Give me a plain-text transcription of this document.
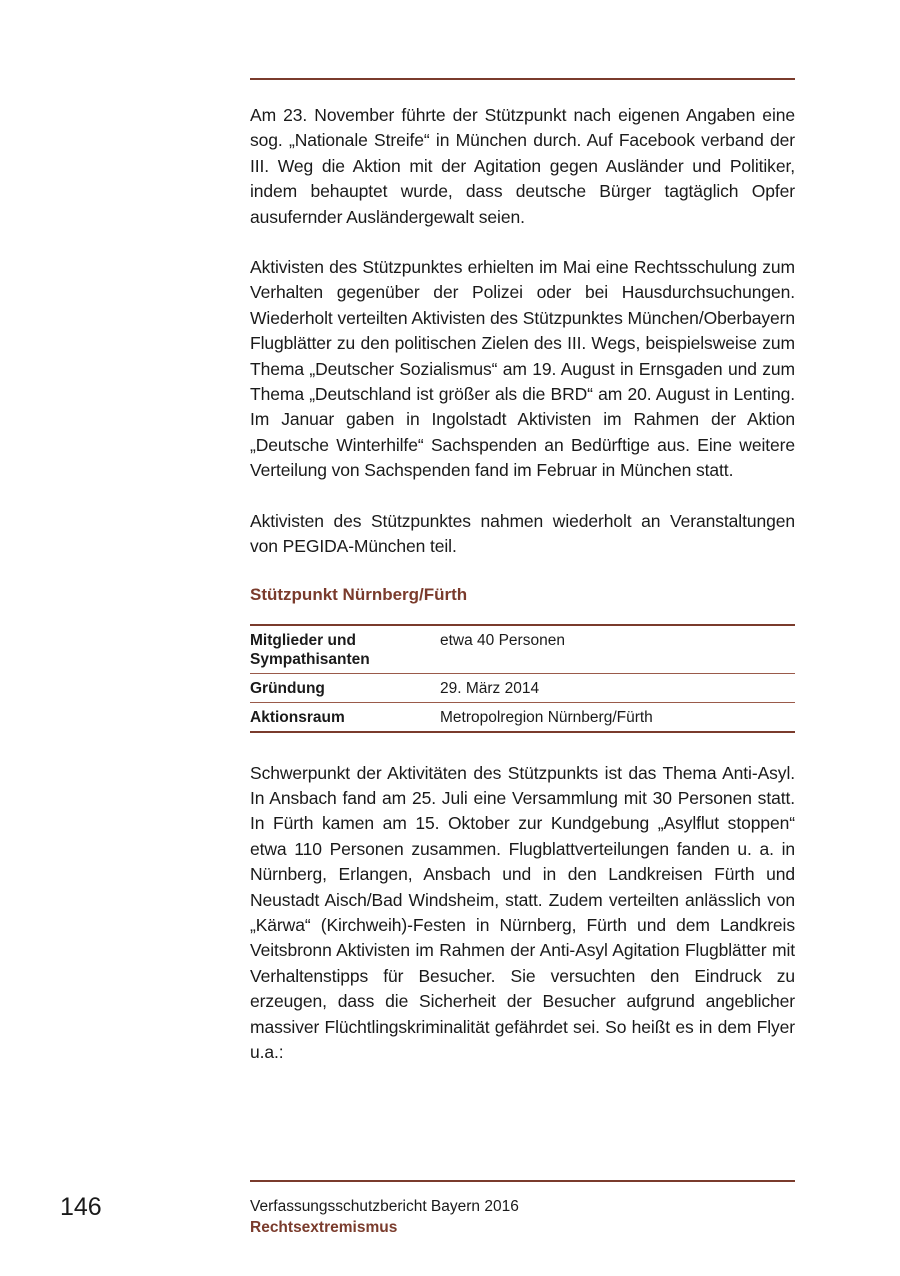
Am 23. November führte der Stützpunkt nach eigenen Angaben eine sog. „Nationale Streife“ in München durch. Auf Facebook verband der III. Weg die Aktion mit der Agitation gegen Ausländer und Politiker, indem behauptet wurde, dass deutsche Bürger tagtäglich Opfer ausufernder Ausländergewalt seien.

Aktivisten des Stützpunktes erhielten im Mai eine Rechtsschulung zum Verhalten gegenüber der Polizei oder bei Hausdurchsuchungen. Wiederholt verteilten Aktivisten des Stützpunktes München/Oberbayern Flugblätter zu den politischen Zielen des III. Wegs, beispielsweise zum Thema „Deutscher Sozialismus“ am 19. August in Ernsgaden und zum Thema „Deutschland ist größer als die BRD“ am 20. August in Lenting. Im Januar gaben in Ingolstadt Aktivisten im Rahmen der Aktion „Deutsche Winterhilfe“ Sachspenden an Bedürftige aus. Eine weitere Verteilung von Sachspenden fand im Februar in München statt.

Aktivisten des Stützpunktes nahmen wiederholt an Veranstaltungen von PEGIDA-München teil.

Stützpunkt Nürnberg/Fürth
Mitglieder und Sympathisanten	etwa 40 Personen
Gründung	29. März 2014
Aktionsraum	Metropolregion Nürnberg/Fürth

Schwerpunkt der Aktivitäten des Stützpunkts ist das Thema Anti-Asyl. In Ansbach fand am 25. Juli eine Versammlung mit 30 Personen statt. In Fürth kamen am 15. Oktober zur Kundgebung „Asylflut stoppen“ etwa 110 Personen zusammen. Flugblattverteilungen fanden u. a. in Nürnberg, Erlangen, Ansbach und in den Landkreisen Fürth und Neustadt Aisch/Bad Windsheim, statt. Zudem verteilten anlässlich von „Kärwa“ (Kirchweih)-Festen in Nürnberg, Fürth und dem Landkreis Veitsbronn Aktivisten im Rahmen der Anti-Asyl Agitation Flugblätter mit Verhaltenstipps für Besucher. Sie versuchten den Eindruck zu erzeugen, dass die Sicherheit der Besucher aufgrund angeblicher massiver Flüchtlingskriminalität gefährdet sei. So heißt es in dem Flyer u.a.:

146	Verfassungsschutzbericht Bayern 2016
Rechtsextremismus
